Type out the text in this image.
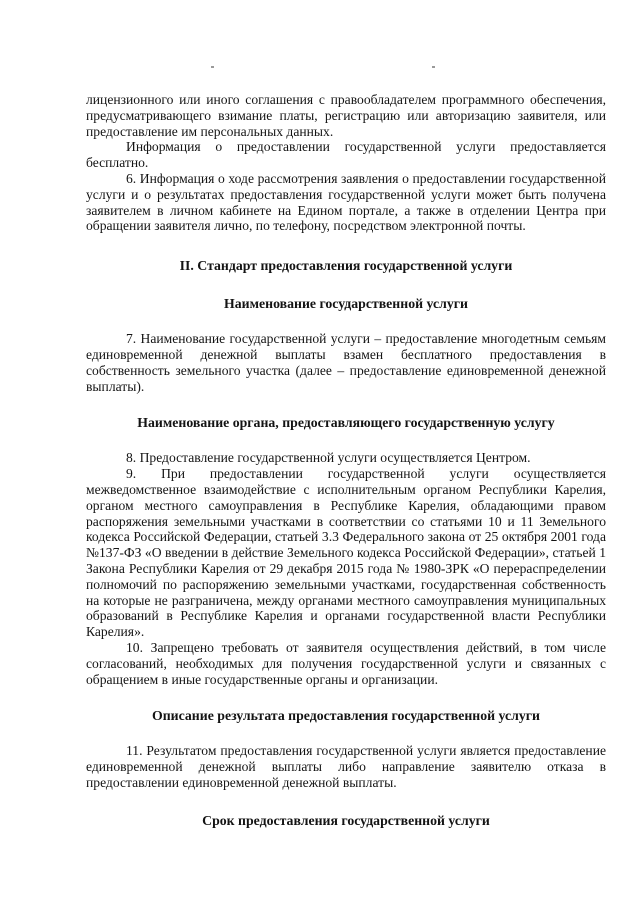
лицензионного или иного соглашения с правообладателем программного обеспечения, предусматривающего взимание платы, регистрацию или авторизацию заявителя, или предоставление им персональных данных.

Информация о предоставлении государственной услуги предоставляется бесплатно.

6. Информация о ходе рассмотрения заявления о предоставлении государственной услуги и о результатах предоставления государственной услуги может быть получена заявителем в личном кабинете на Едином портале, а также в отделении Центра при обращении заявителя лично, по телефону, посредством электронной почты.

II. Стандарт предоставления государственной услуги
Наименование государственной услуги

7. Наименование государственной услуги – предоставление многодетным семьям единовременной денежной выплаты взамен бесплатного предоставления в собственность земельного участка (далее – предоставление единовременной денежной выплаты).

Наименование органа, предоставляющего государственную услугу

8. Предоставление государственной услуги осуществляется Центром.

9. При предоставлении государственной услуги осуществляется межведомственное взаимодействие с исполнительным органом Республики Карелия, органом местного самоуправления в Республике Карелия, обладающими правом распоряжения земельными участками в соответствии со статьями 10 и 11 Земельного кодекса Российской Федерации, статьей 3.3 Федерального закона от 25 октября 2001 года №137-ФЗ «О введении в действие Земельного кодекса Российской Федерации», статьей 1 Закона Республики Карелия от 29 декабря 2015 года № 1980-ЗРК «О перераспределении полномочий по распоряжению земельными участками, государственная собственность на которые не разграничена, между органами местного самоуправления муниципальных образований в Республике Карелия и органами государственной власти Республики Карелия».

10. Запрещено требовать от заявителя осуществления действий, в том числе согласований, необходимых для получения государственной услуги и связанных с обращением в иные государственные органы и организации.

Описание результата предоставления государственной услуги

11. Результатом предоставления государственной услуги является предоставление единовременной денежной выплаты либо направление заявителю отказа в предоставлении единовременной денежной выплаты.

Срок предоставления государственной услуги
